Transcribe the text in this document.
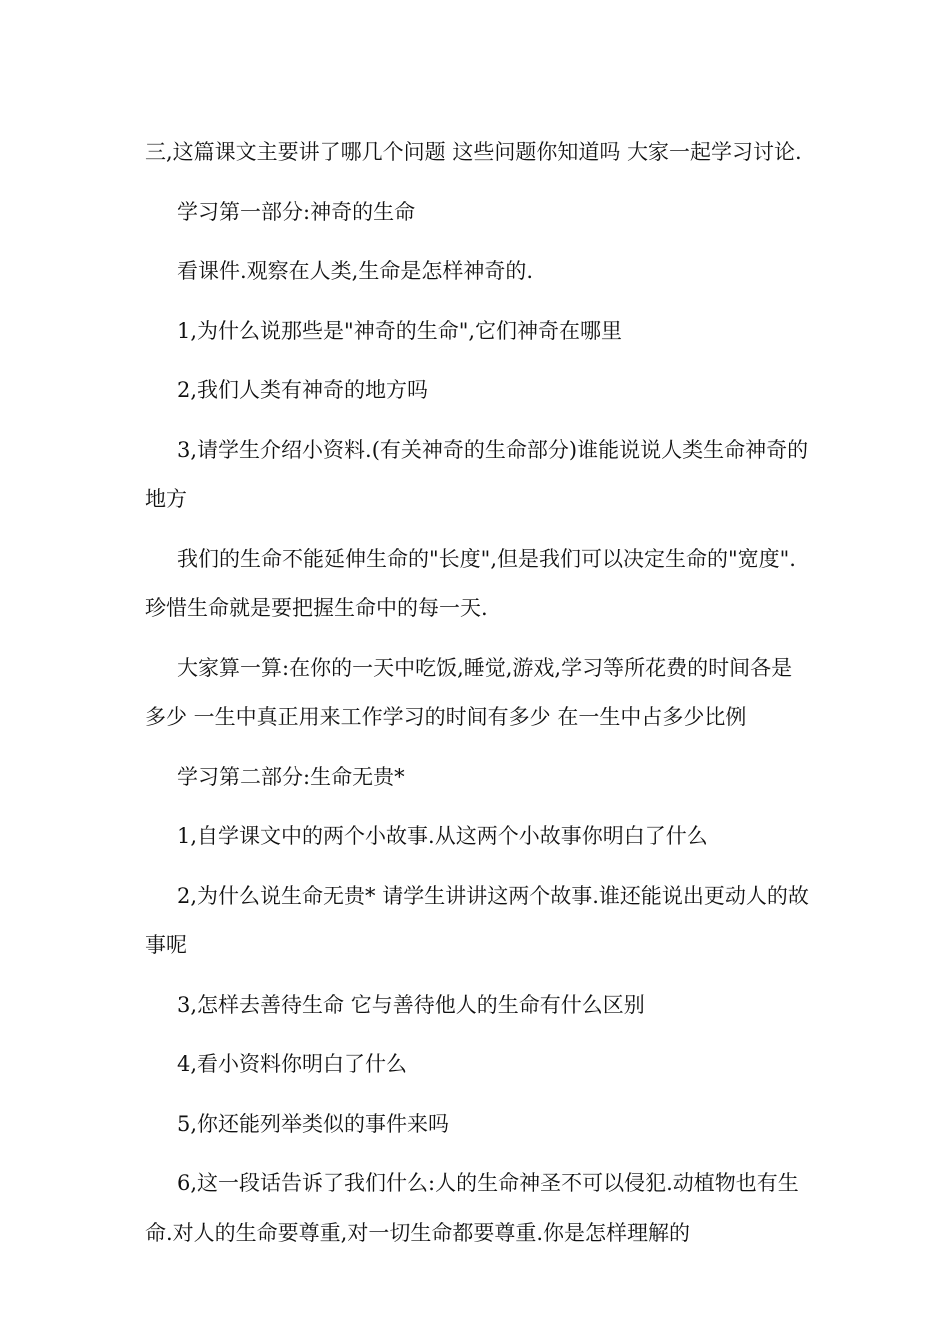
三,这篇课文主要讲了哪几个问题 这些问题你知道吗 大家一起学习讨论.

学习第一部分:神奇的生命

看课件.观察在人类,生命是怎样神奇的.

1,为什么说那些是"神奇的生命",它们神奇在哪里

2,我们人类有神奇的地方吗

3,请学生介绍小资料.(有关神奇的生命部分)谁能说说人类生命神奇的地方

我们的生命不能延伸生命的"长度",但是我们可以决定生命的"宽度".珍惜生命就是要把握生命中的每一天.

大家算一算:在你的一天中吃饭,睡觉,游戏,学习等所花费的时间各是多少 一生中真正用来工作学习的时间有多少 在一生中占多少比例

学习第二部分:生命无贵*

1,自学课文中的两个小故事.从这两个小故事你明白了什么

2,为什么说生命无贵* 请学生讲讲这两个故事.谁还能说出更动人的故事呢

3,怎样去善待生命 它与善待他人的生命有什么区别

4,看小资料你明白了什么

5,你还能列举类似的事件来吗

6,这一段话告诉了我们什么:人的生命神圣不可以侵犯.动植物也有生命.对人的生命要尊重,对一切生命都要尊重.你是怎样理解的
